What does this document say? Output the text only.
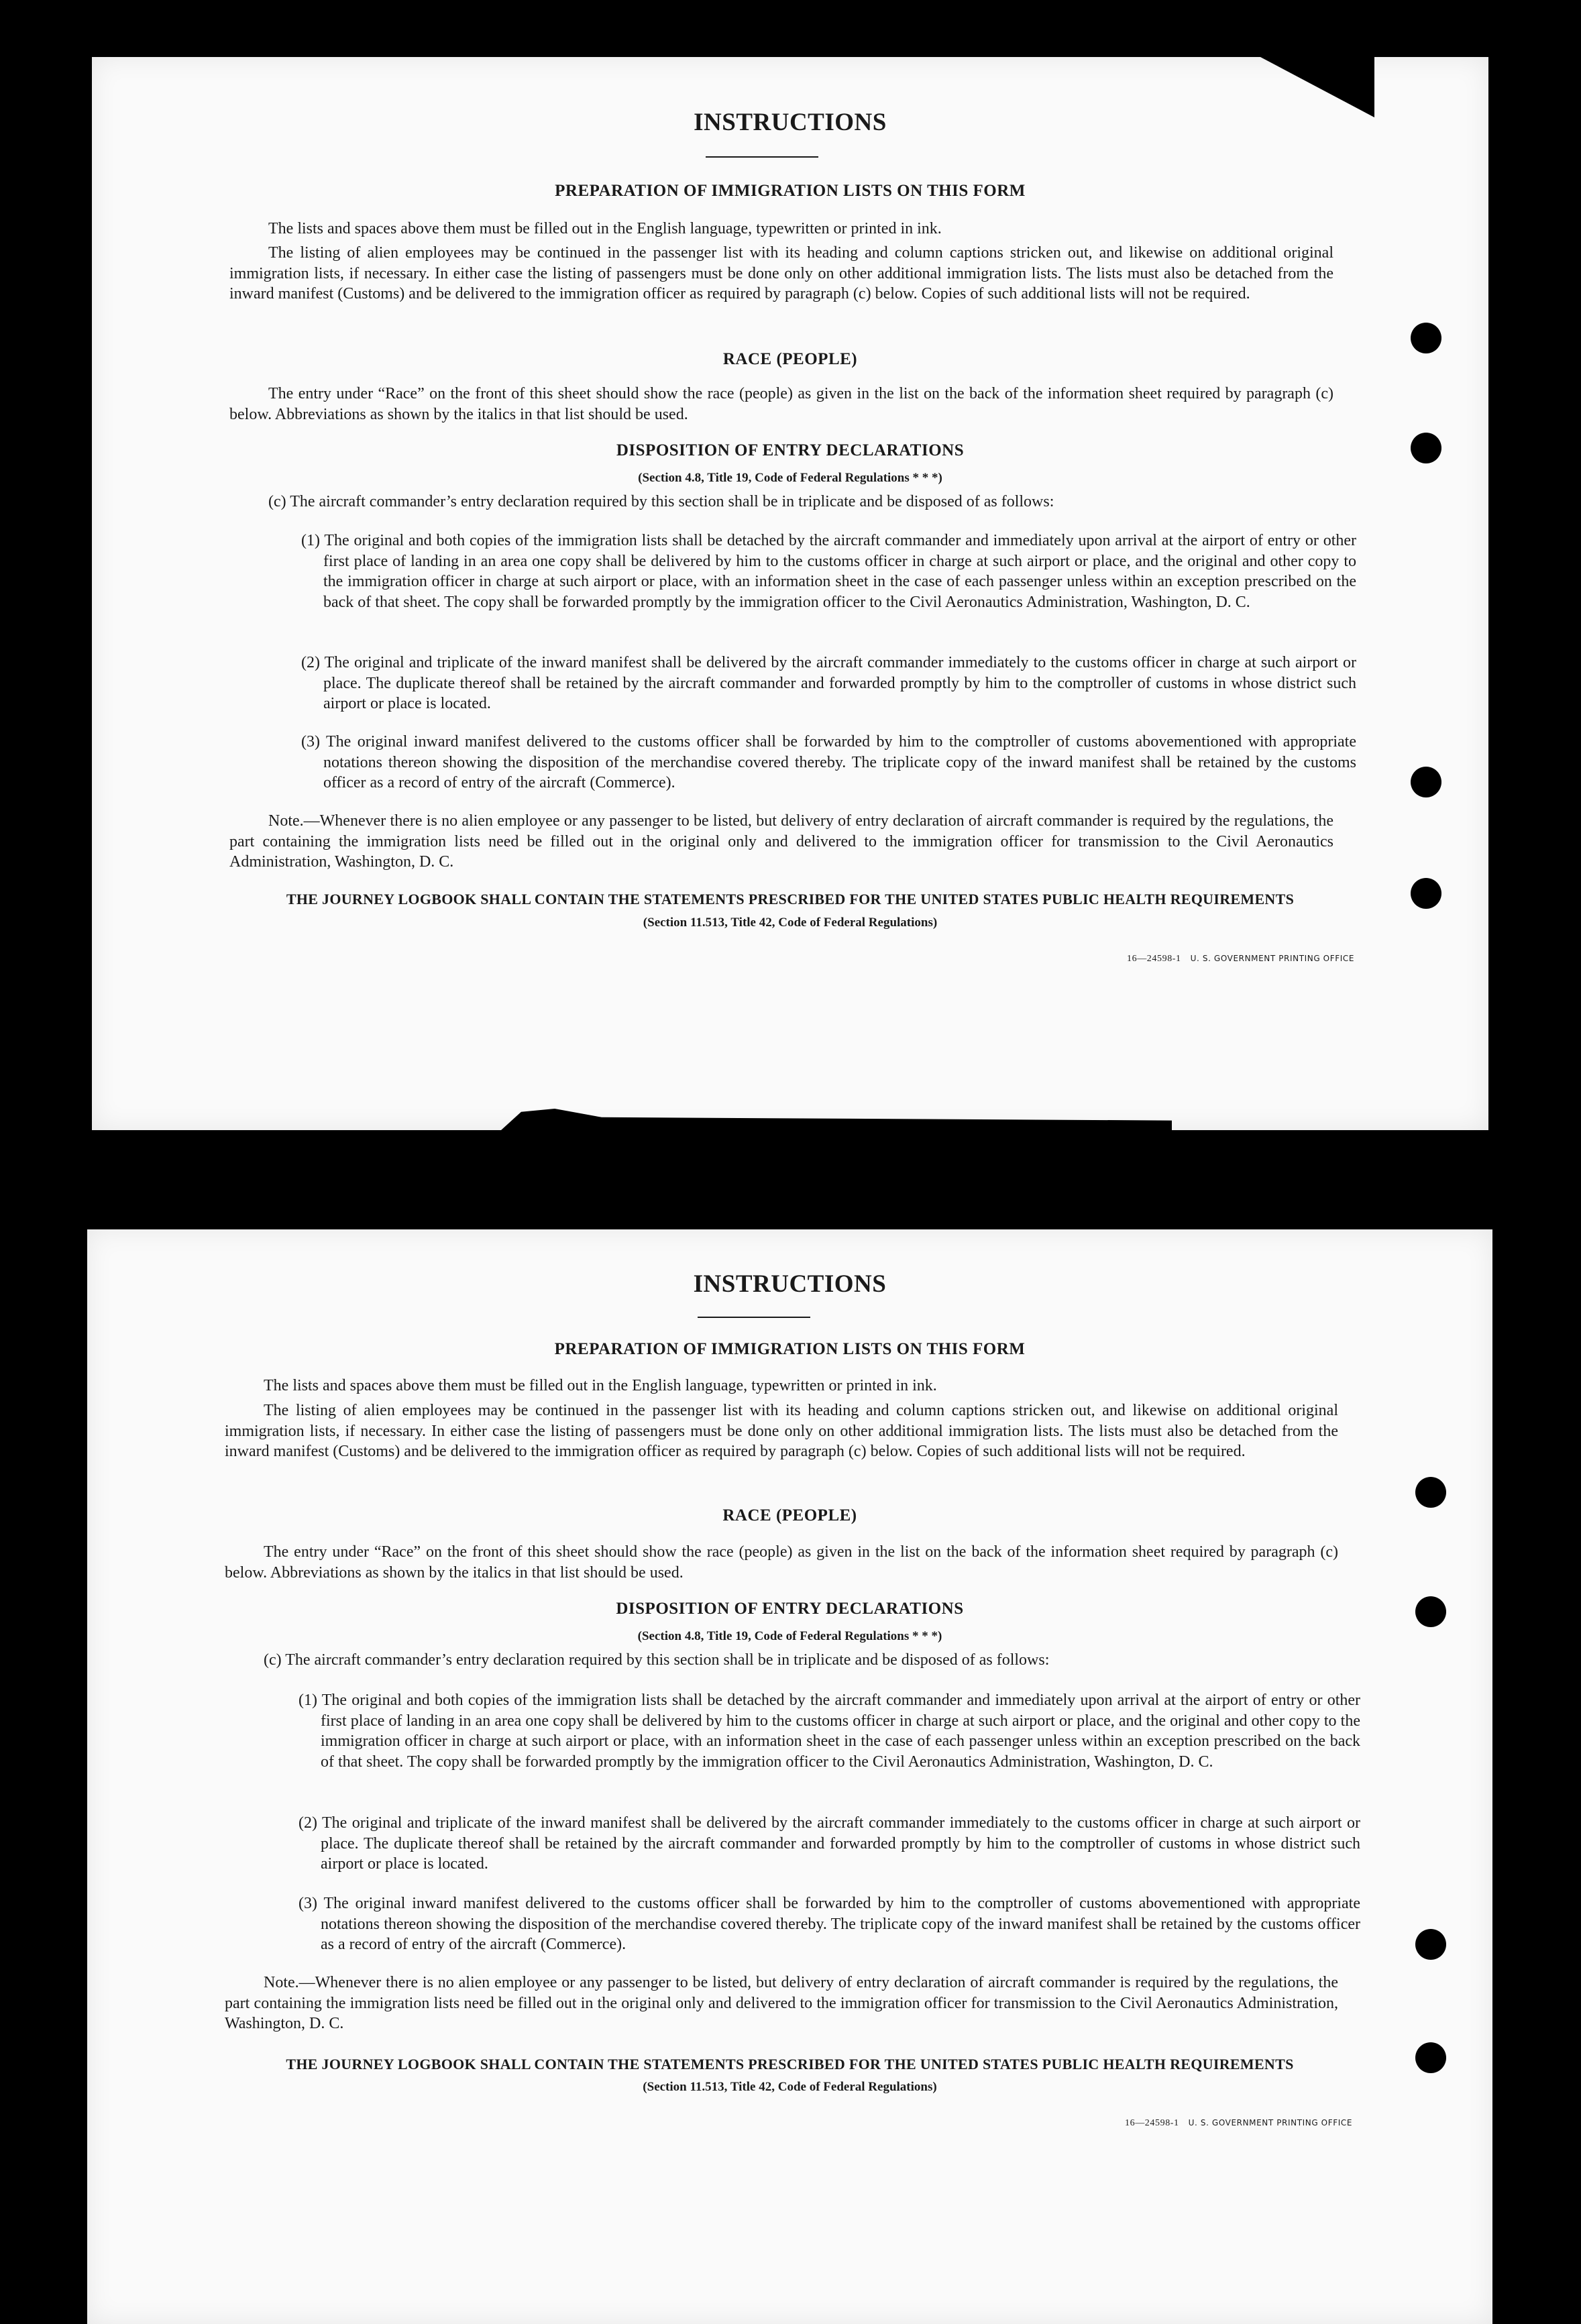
INSTRUCTIONS
PREPARATION OF IMMIGRATION LISTS ON THIS FORM
The lists and spaces above them must be filled out in the English language, typewritten or printed in ink.
The listing of alien employees may be continued in the passenger list with its heading and column captions stricken out, and likewise on additional original immigration lists, if necessary. In either case the listing of passengers must be done only on other additional immigration lists. The lists must also be detached from the inward manifest (Customs) and be delivered to the immigration officer as required by paragraph (c) below. Copies of such additional lists will not be required.
RACE (PEOPLE)
The entry under “Race” on the front of this sheet should show the race (people) as given in the list on the back of the information sheet required by paragraph (c) below. Abbreviations as shown by the italics in that list should be used.
DISPOSITION OF ENTRY DECLARATIONS
(Section 4.8, Title 19, Code of Federal Regulations * * *)
(c) The aircraft commander’s entry declaration required by this section shall be in triplicate and be disposed of as follows:
(1) The original and both copies of the immigration lists shall be detached by the aircraft commander and immediately upon arrival at the airport of entry or other first place of landing in an area one copy shall be delivered by him to the customs officer in charge at such airport or place, and the original and other copy to the immigration officer in charge at such airport or place, with an information sheet in the case of each passenger unless within an exception prescribed on the back of that sheet. The copy shall be forwarded promptly by the immigration officer to the Civil Aeronautics Administration, Washington, D. C.
(2) The original and triplicate of the inward manifest shall be delivered by the aircraft commander immediately to the customs officer in charge at such airport or place. The duplicate thereof shall be retained by the aircraft commander and forwarded promptly by him to the comptroller of customs in whose district such airport or place is located.
(3) The original inward manifest delivered to the customs officer shall be forwarded by him to the comptroller of customs abovementioned with appropriate notations thereon showing the disposition of the merchandise covered thereby. The triplicate copy of the inward manifest shall be retained by the customs officer as a record of entry of the aircraft (Commerce).
Note.—Whenever there is no alien employee or any passenger to be listed, but delivery of entry declaration of aircraft commander is required by the regulations, the part containing the immigration lists need be filled out in the original only and delivered to the immigration officer for transmission to the Civil Aeronautics Administration, Washington, D. C.
THE JOURNEY LOGBOOK SHALL CONTAIN THE STATEMENTS PRESCRIBED FOR THE UNITED STATES PUBLIC HEALTH REQUIREMENTS
(Section 11.513, Title 42, Code of Federal Regulations)
16—24598-1 U. S. GOVERNMENT PRINTING OFFICE
INSTRUCTIONS
PREPARATION OF IMMIGRATION LISTS ON THIS FORM
The lists and spaces above them must be filled out in the English language, typewritten or printed in ink.
The listing of alien employees may be continued in the passenger list with its heading and column captions stricken out, and likewise on additional original immigration lists, if necessary. In either case the listing of passengers must be done only on other additional immigration lists. The lists must also be detached from the inward manifest (Customs) and be delivered to the immigration officer as required by paragraph (c) below. Copies of such additional lists will not be required.
RACE (PEOPLE)
The entry under “Race” on the front of this sheet should show the race (people) as given in the list on the back of the information sheet required by paragraph (c) below. Abbreviations as shown by the italics in that list should be used.
DISPOSITION OF ENTRY DECLARATIONS
(Section 4.8, Title 19, Code of Federal Regulations * * *)
(c) The aircraft commander’s entry declaration required by this section shall be in triplicate and be disposed of as follows:
(1) The original and both copies of the immigration lists shall be detached by the aircraft commander and immediately upon arrival at the airport of entry or other first place of landing in an area one copy shall be delivered by him to the customs officer in charge at such airport or place, and the original and other copy to the immigration officer in charge at such airport or place, with an information sheet in the case of each passenger unless within an exception prescribed on the back of that sheet. The copy shall be forwarded promptly by the immigration officer to the Civil Aeronautics Administration, Washington, D. C.
(2) The original and triplicate of the inward manifest shall be delivered by the aircraft commander immediately to the customs officer in charge at such airport or place. The duplicate thereof shall be retained by the aircraft commander and forwarded promptly by him to the comptroller of customs in whose district such airport or place is located.
(3) The original inward manifest delivered to the customs officer shall be forwarded by him to the comptroller of customs abovementioned with appropriate notations thereon showing the disposition of the merchandise covered thereby. The triplicate copy of the inward manifest shall be retained by the customs officer as a record of entry of the aircraft (Commerce).
Note.—Whenever there is no alien employee or any passenger to be listed, but delivery of entry declaration of aircraft commander is required by the regulations, the part containing the immigration lists need be filled out in the original only and delivered to the immigration officer for transmission to the Civil Aeronautics Administration, Washington, D. C.
THE JOURNEY LOGBOOK SHALL CONTAIN THE STATEMENTS PRESCRIBED FOR THE UNITED STATES PUBLIC HEALTH REQUIREMENTS
(Section 11.513, Title 42, Code of Federal Regulations)
16—24598-1 U. S. GOVERNMENT PRINTING OFFICE
